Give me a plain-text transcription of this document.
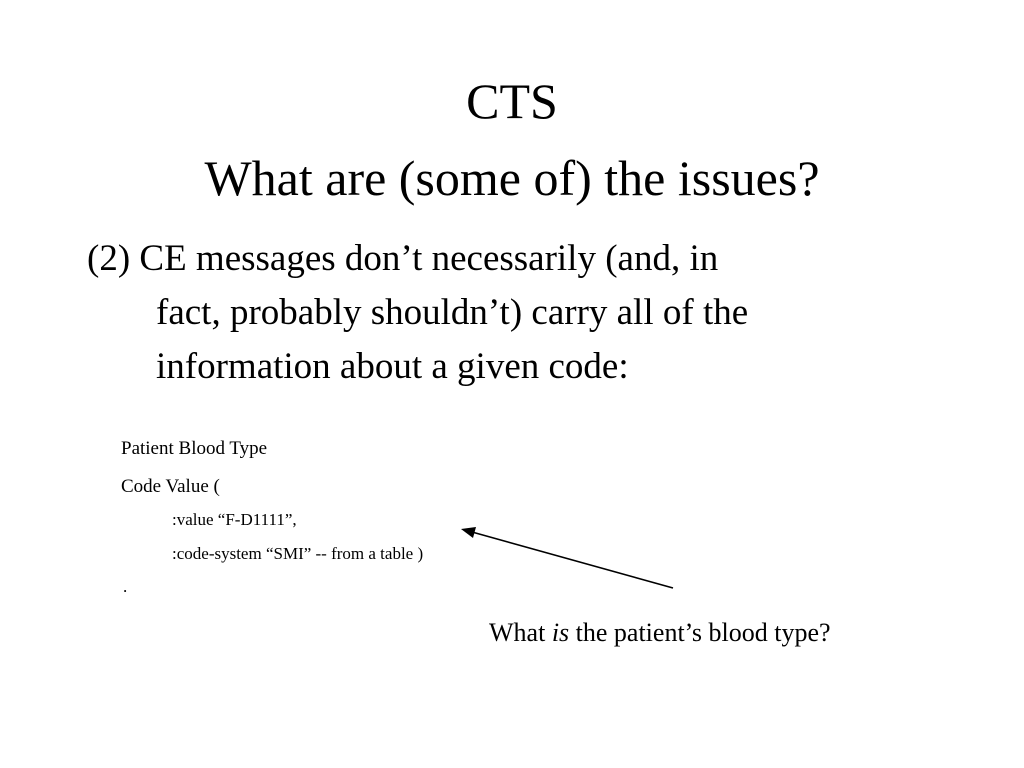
CTS
What are (some of) the issues?
(2) CE messages don’t necessarily (and, in
fact, probably shouldn’t) carry all of the
information about a given code:
Patient Blood Type
Code Value (
:value “F-D1111”,
:code-system “SMI” -- from a table )
.
What is the patient’s blood type?
